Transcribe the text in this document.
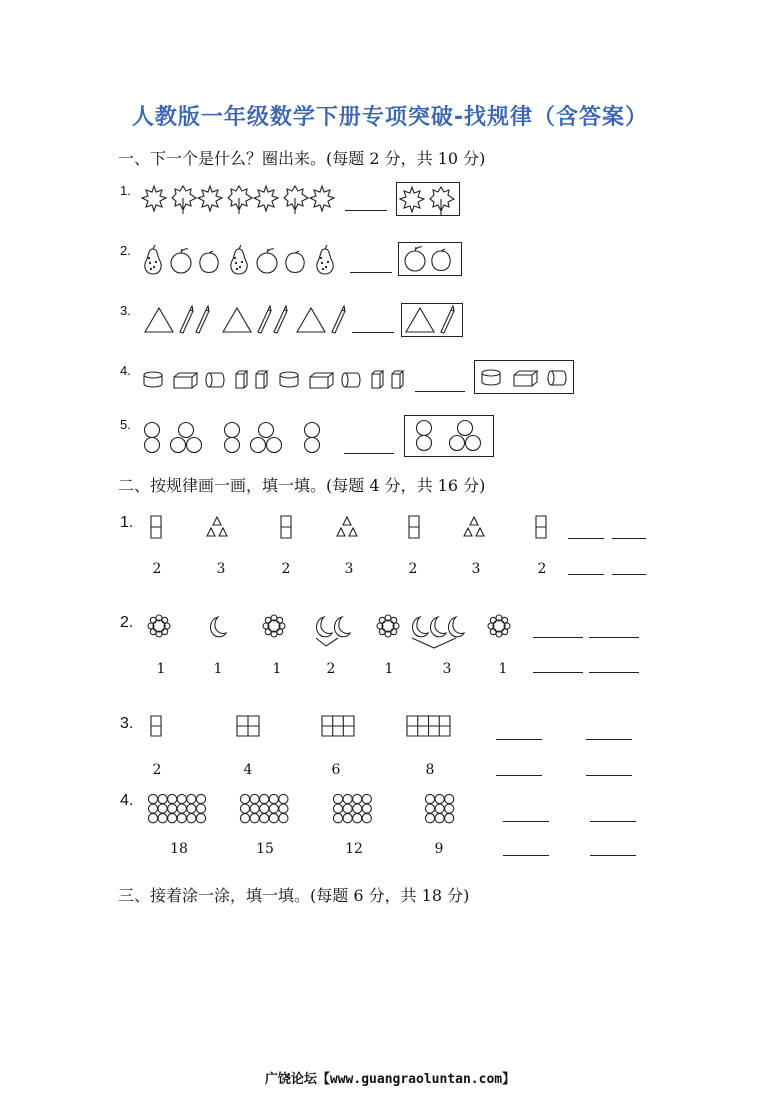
人教版一年级数学下册专项突破-找规律（含答案）
一、下一个是什么？圈出来。(每题 2 分，共 10 分)
1.
2.
3.
4.
5.
二、按规律画一画，填一填。(每题 4 分，共 16 分)
1.
2	3	2	3	2	3	2
2.
1	1	1	2	1	3	1
3.
2	4	6	8
4.
18	15	12	9
三、接着涂一涂，填一填。(每题 6 分，共 18 分)
广饶论坛【www.guangraoluntan.com】
